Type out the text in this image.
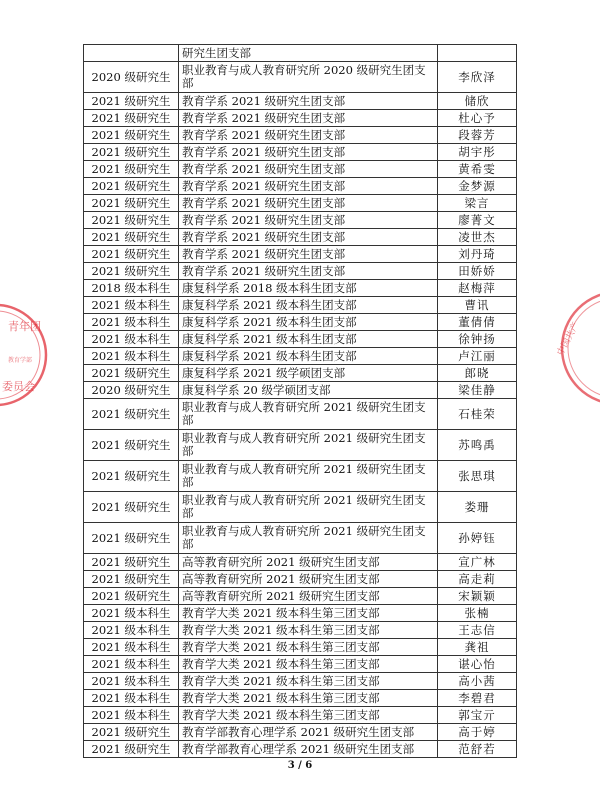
	研究生团支部	
2020 级研究生	职业教育与成人教育研究所 2020 级研究生团支部	李欣泽
2021 级研究生	教育学系 2021 级研究生团支部	储欣
2021 级研究生	教育学系 2021 级研究生团支部	杜心予
2021 级研究生	教育学系 2021 级研究生团支部	段蓉芳
2021 级研究生	教育学系 2021 级研究生团支部	胡宇彤
2021 级研究生	教育学系 2021 级研究生团支部	黄希雯
2021 级研究生	教育学系 2021 级研究生团支部	金梦源
2021 级研究生	教育学系 2021 级研究生团支部	梁言
2021 级研究生	教育学系 2021 级研究生团支部	廖菁文
2021 级研究生	教育学系 2021 级研究生团支部	凌世杰
2021 级研究生	教育学系 2021 级研究生团支部	刘丹琦
2021 级研究生	教育学系 2021 级研究生团支部	田娇娇
2018 级本科生	康复科学系 2018 级本科生团支部	赵梅萍
2021 级本科生	康复科学系 2021 级本科生团支部	曹讯
2021 级本科生	康复科学系 2021 级本科生团支部	董倩倩
2021 级本科生	康复科学系 2021 级本科生团支部	徐钟扬
2021 级本科生	康复科学系 2021 级本科生团支部	卢江丽
2021 级研究生	康复科学系 2021 级学硕团支部	郎晓
2020 级研究生	康复科学系 20 级学硕团支部	梁佳静
2021 级研究生	职业教育与成人教育研究所 2021 级研究生团支部	石桂荣
2021 级研究生	职业教育与成人教育研究所 2021 级研究生团支部	苏鸣禹
2021 级研究生	职业教育与成人教育研究所 2021 级研究生团支部	张思琪
2021 级研究生	职业教育与成人教育研究所 2021 级研究生团支部	娄珊
2021 级研究生	职业教育与成人教育研究所 2021 级研究生团支部	孙婷钰
2021 级研究生	高等教育研究所 2021 级研究生团支部	宣广林
2021 级研究生	高等教育研究所 2021 级研究生团支部	高走莉
2021 级研究生	高等教育研究所 2021 级研究生团支部	宋颖颖
2021 级本科生	教育学大类 2021 级本科生第三团支部	张楠
2021 级本科生	教育学大类 2021 级本科生第三团支部	王志信
2021 级本科生	教育学大类 2021 级本科生第三团支部	龚祖
2021 级本科生	教育学大类 2021 级本科生第三团支部	谌心怡
2021 级本科生	教育学大类 2021 级本科生第三团支部	高小茜
2021 级本科生	教育学大类 2021 级本科生第三团支部	李碧君
2021 级本科生	教育学大类 2021 级本科生第三团支部	郭宝亓
2021 级研究生	教育学部教育心理学系 2021 级研究生团支部	高于婷
2021 级研究生	教育学部教育心理学系 2021 级研究生团支部	范舒若
青年团
教育学部
委员会
中国共产
3 / 6
